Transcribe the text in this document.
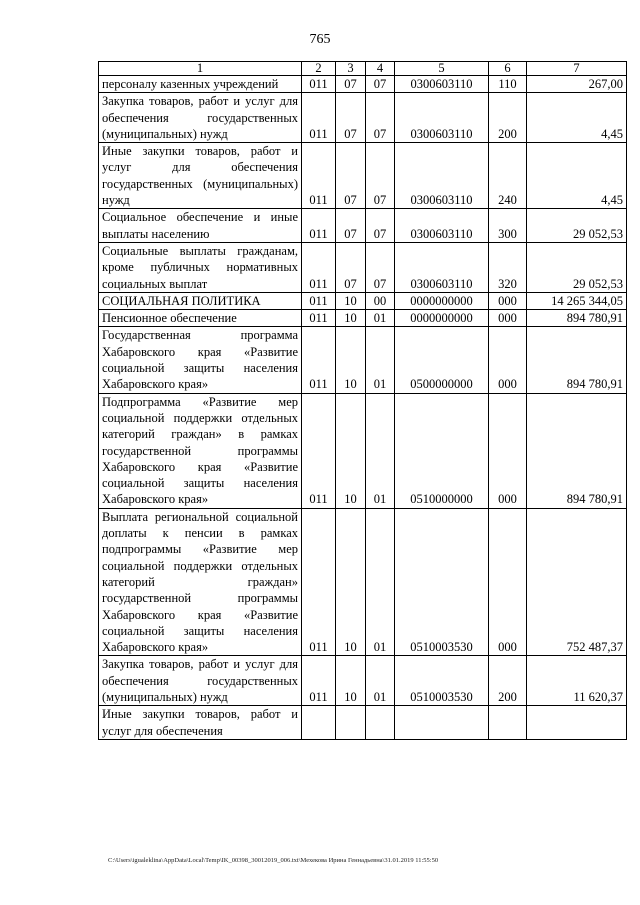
765
1	2	3	4	5	6	7
персоналу казенных учреждений	011	07	07	0300603110	110	267,00
Закупка товаров, работ и услуг для обеспечения государственных (муниципальных) нужд	011	07	07	0300603110	200	4,45
Иные закупки товаров, работ и услуг для обеспечения государственных (муниципальных) нужд	011	07	07	0300603110	240	4,45
Социальное обеспечение и иные выплаты населению	011	07	07	0300603110	300	29 052,53
Социальные выплаты гражданам, кроме публичных нормативных социальных выплат	011	07	07	0300603110	320	29 052,53
СОЦИАЛЬНАЯ ПОЛИТИКА	011	10	00	0000000000	000	14 265 344,05
Пенсионное обеспечение	011	10	01	0000000000	000	894 780,91
Государственная программа Хабаровского края «Развитие социальной защиты населения Хабаровского края»	011	10	01	0500000000	000	894 780,91
Подпрограмма «Развитие мер социальной поддержки отдельных категорий граждан» в рамках государственной программы Хабаровского края «Развитие социальной защиты населения Хабаровского края»	011	10	01	0510000000	000	894 780,91
Выплата региональной социальной доплаты к пенсии в рамках подпрограммы «Развитие мер социальной поддержки отдельных категорий граждан» государственной программы Хабаровского края «Развитие социальной защиты населения Хабаровского края»	011	10	01	0510003530	000	752 487,37
Закупка товаров, работ и услуг для обеспечения государственных (муниципальных) нужд	011	10	01	0510003530	200	11 620,37
Иные закупки товаров, работ и услуг для обеспечения						
C:\Users\igualeklina\AppData\Local\Temp\IK_00398_30012019_006.txt\Мехекова Ирина Геннадьевна\31.01.2019 11:55:50
